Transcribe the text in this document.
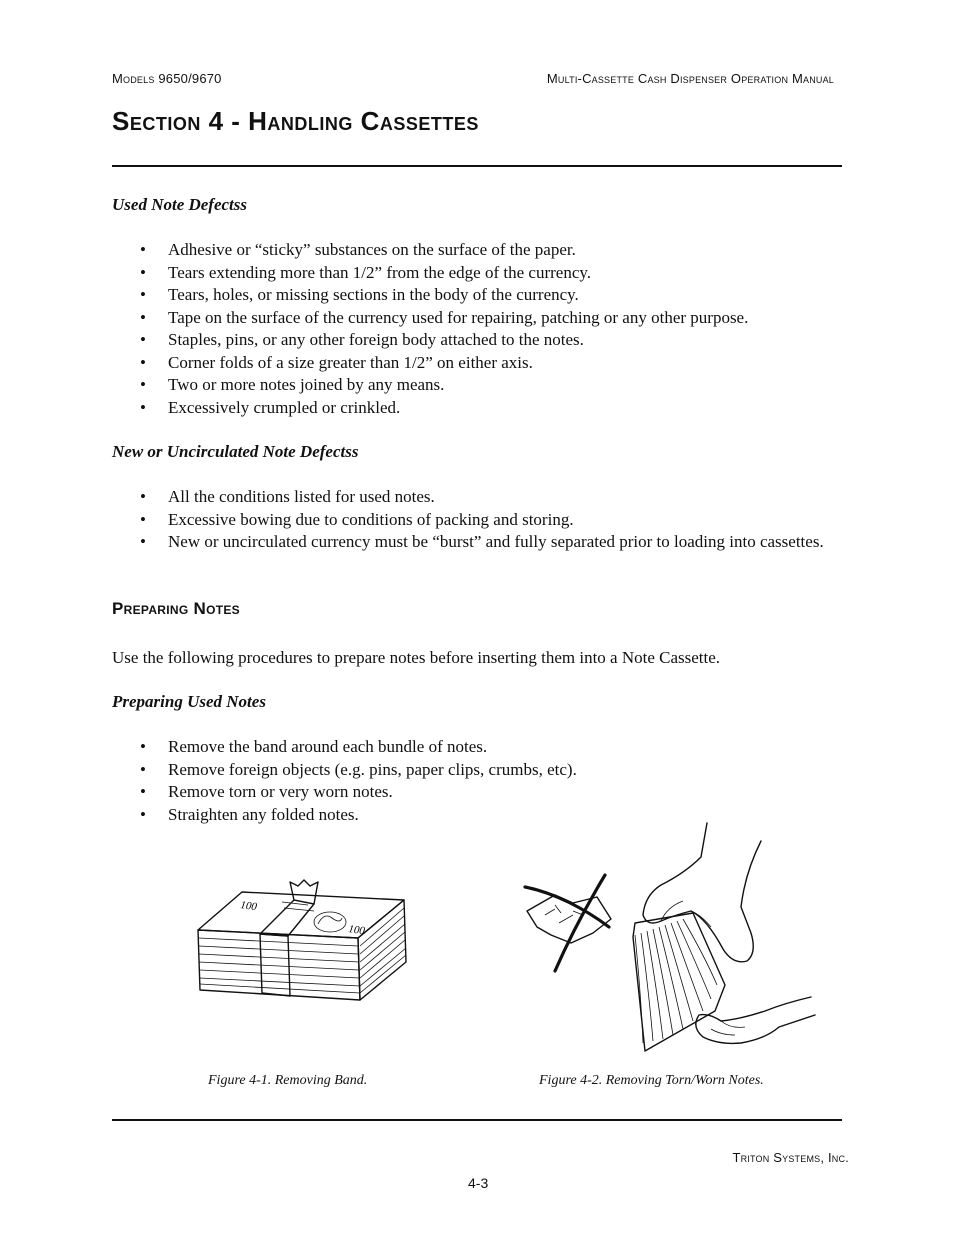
Models 9650/9670	Multi-Cassette Cash Dispenser Operation Manual
Section 4 - Handling Cassettes
Used Note Defectss
• Adhesive or “sticky” substances on the surface of the paper.
• Tears extending more than 1/2” from the edge of the currency.
• Tears, holes, or missing sections in the body of the currency.
• Tape on the surface of the currency used for repairing, patching or any other purpose.
• Staples, pins, or any other foreign body attached to the notes.
• Corner folds of a size greater than 1/2” on either axis.
• Two or more notes joined by any means.
• Excessively crumpled or crinkled.
New or Uncirculated Note Defectss
• All the conditions listed for used notes.
• Excessive bowing due to conditions of packing and storing.
• New or uncirculated currency must be “burst” and fully separated prior to loading into cassettes.
Preparing Notes
Use the following procedures to prepare notes before inserting them into a Note Cassette.
Preparing Used Notes
• Remove the band around each bundle of notes.
• Remove foreign objects (e.g. pins, paper clips, crumbs, etc).
• Remove torn or very worn notes.
• Straighten any folded notes.
100
100
Figure 4-1. Removing Band.	Figure 4-2. Removing Torn/Worn Notes.
Triton Systems, Inc.
4-3
